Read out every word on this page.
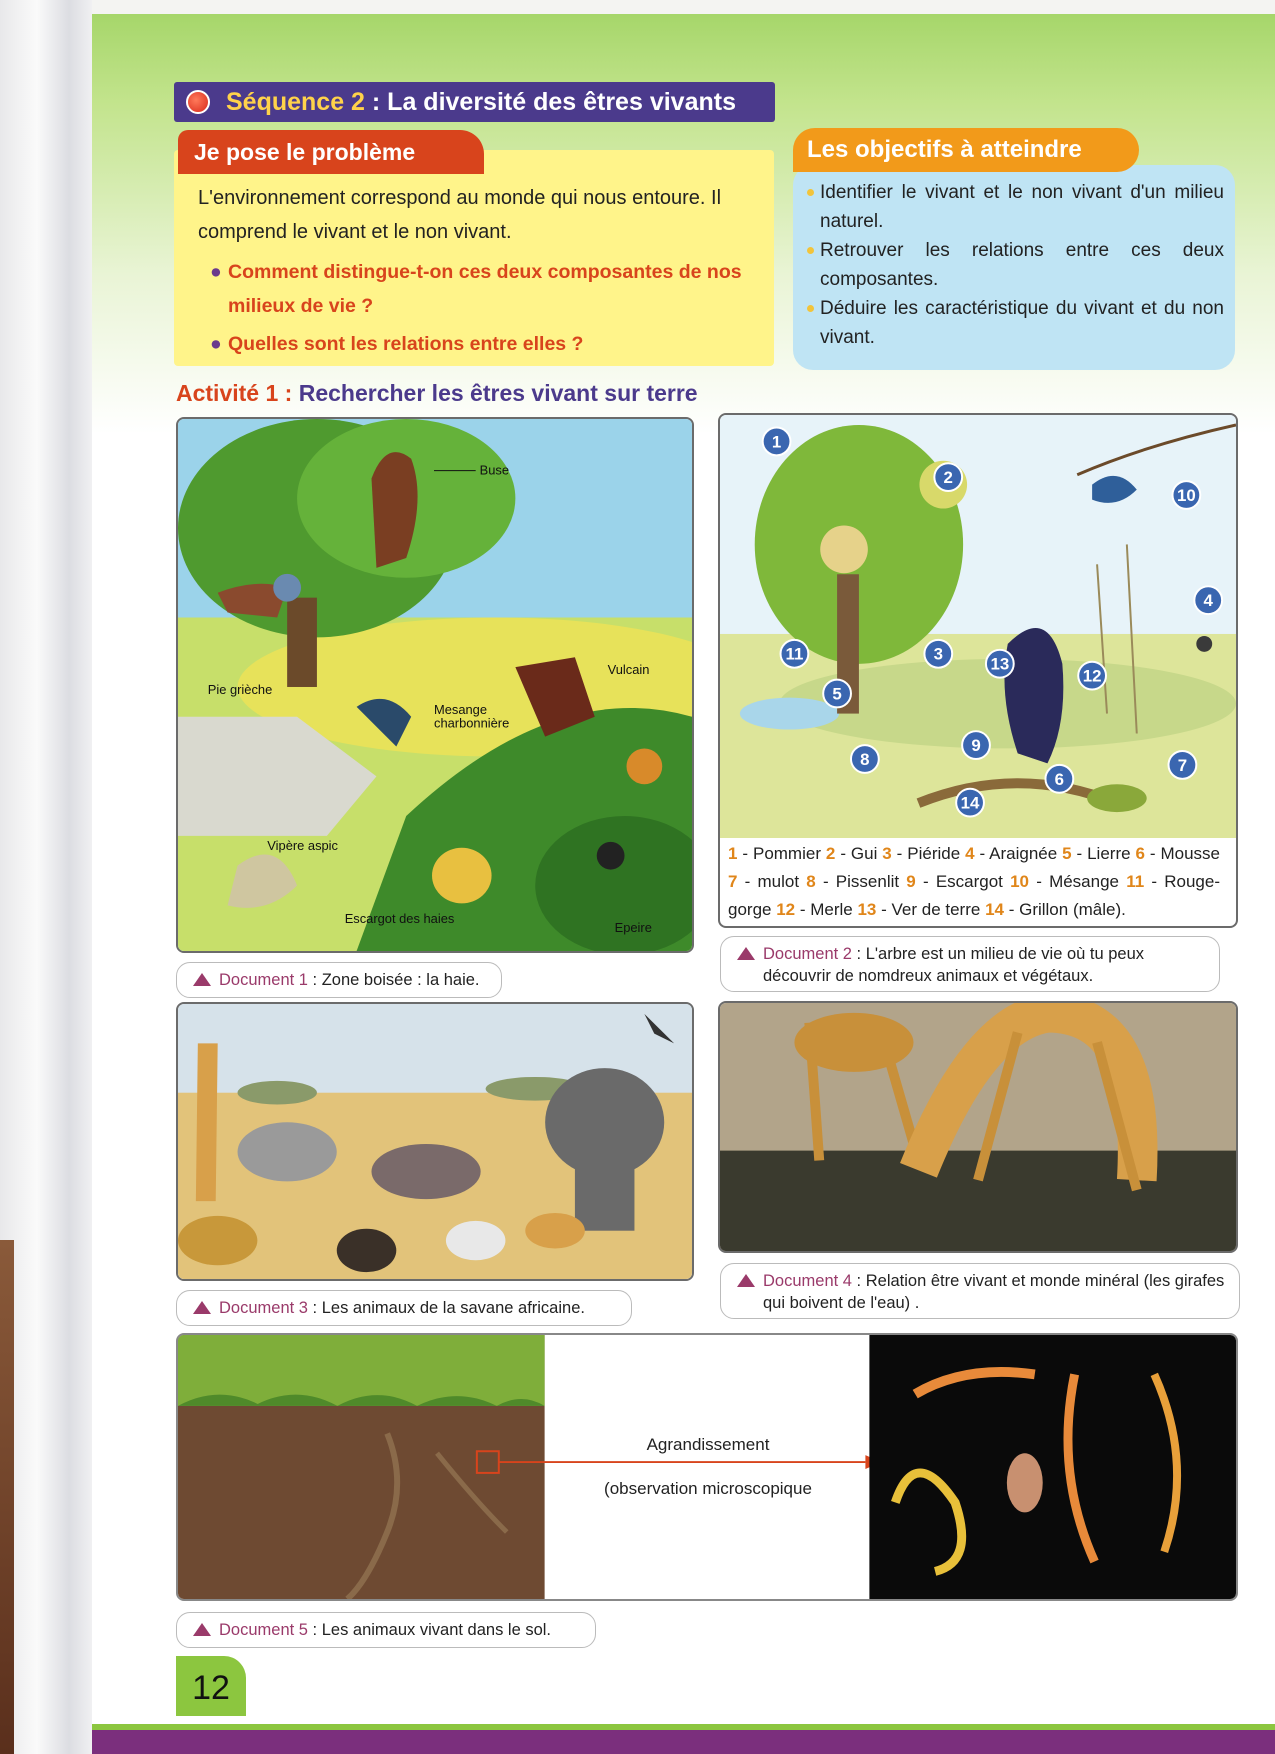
Séquence 2 : La diversité des êtres vivants
Je pose le problème
L'environnement correspond au monde qui nous entoure. Il comprend le vivant et le non vivant.
● Comment distingue-t-on ces deux composantes de nos milieux de vie ?
● Quelles sont les relations entre elles ?
Les objectifs à atteindre
Identifier le vivant et le non vivant d'un milieu naturel.
Retrouver les relations entre ces deux composantes.
Déduire les caractéristique du vivant et du non vivant.
Activité 1 : Rechercher les êtres vivant sur terre
Buse
Pie grièche
Mesange
charbonnière
Vulcain
Vipère aspic
Escargot des haies
Epeire
Document 1 : Zone boisée : la haie.
1
2
3
4
5
6
7
8
9
10
11
12
13
14
1 - Pommier 2 - Gui 3 - Piéride 4 - Araignée 5 - Lierre 6 - Mousse 7 - mulot 8 - Pissenlit 9 - Escargot 10 - Mésange 11 - Rouge-gorge 12 - Merle 13 - Ver de terre 14 - Grillon (mâle).
Document 2 : L'arbre est un milieu de vie où tu peux découvrir de nomdreux animaux et végétaux.
Document 3 : Les animaux de la savane africaine.
Document 4 : Relation être vivant et monde minéral (les girafes qui boivent de l'eau) .
Agrandissement
(observation microscopique
Document 5 : Les animaux vivant dans le sol.
12
